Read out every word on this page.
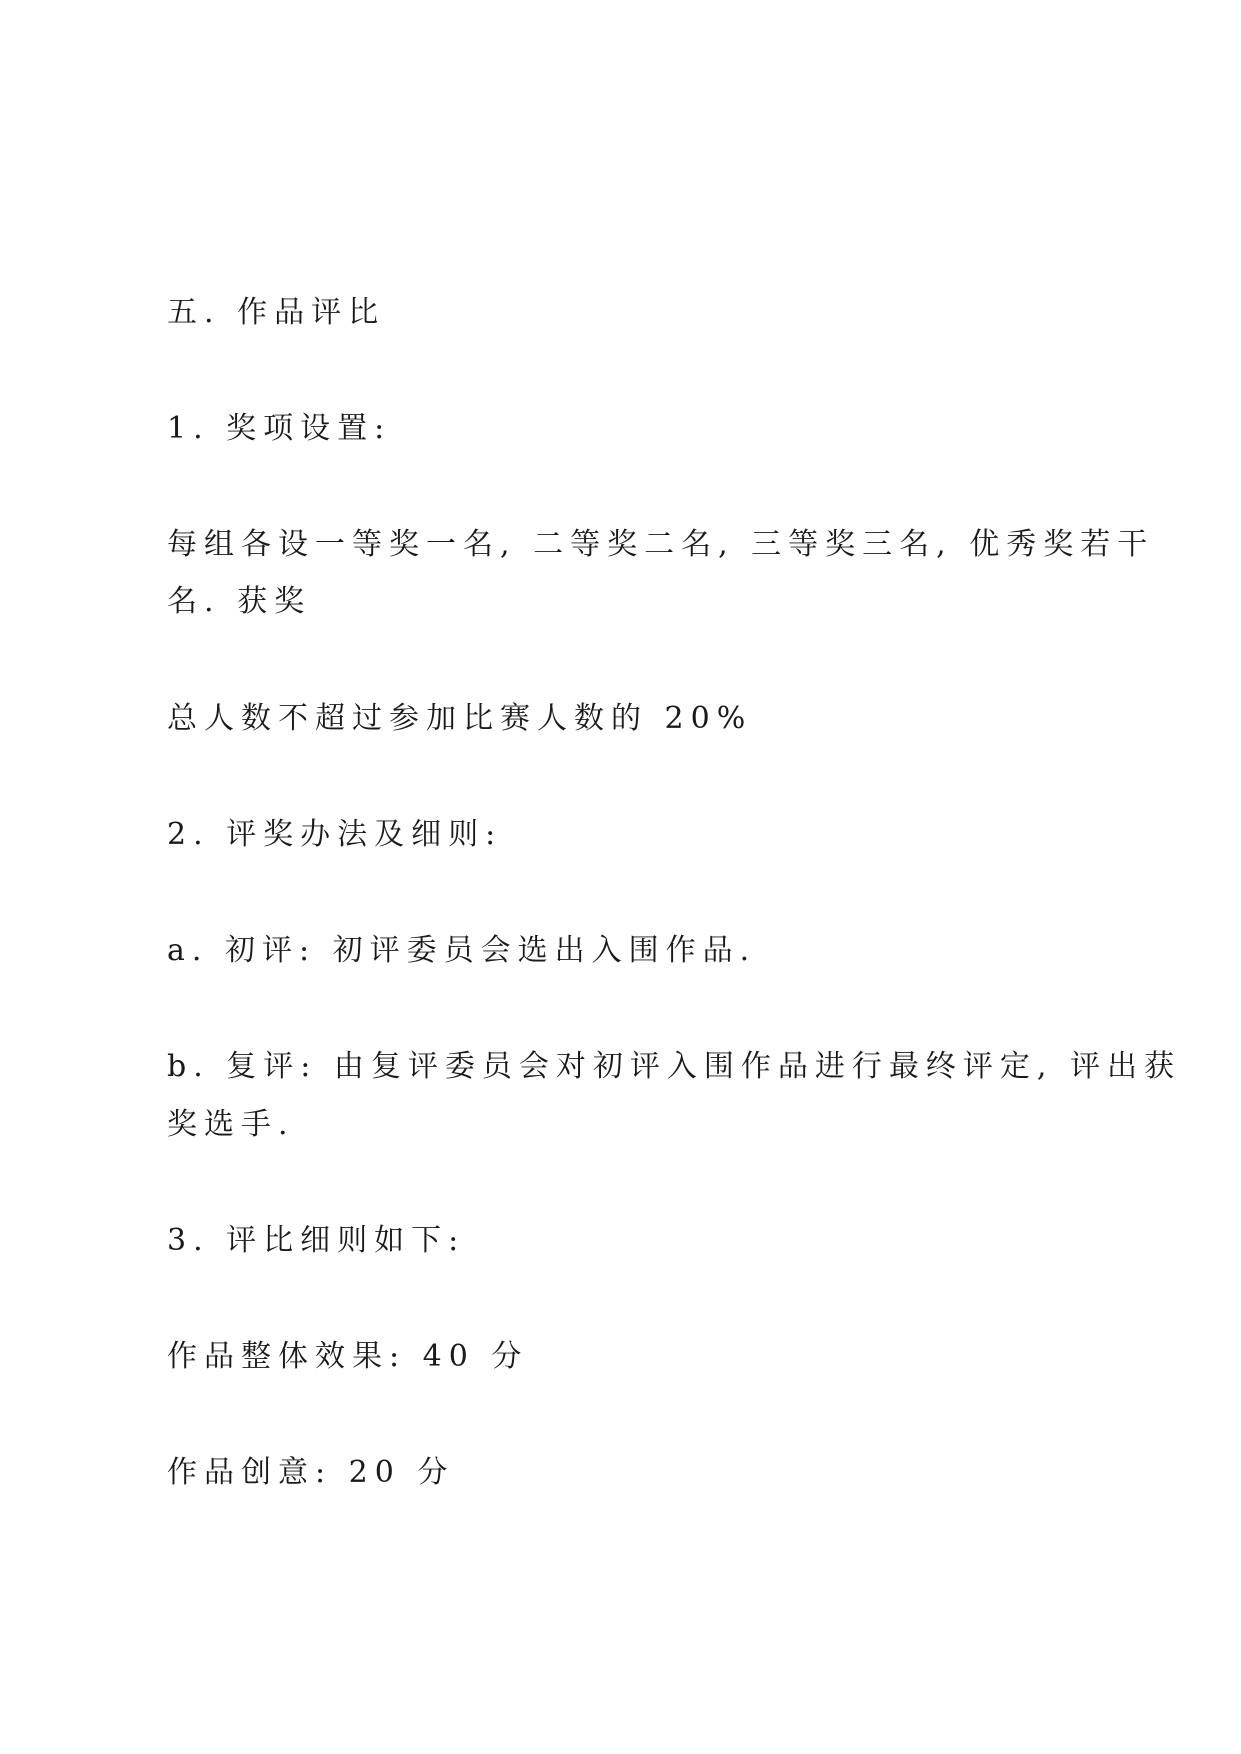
五. 作品评比

1. 奖项设置:

每组各设一等奖一名, 二等奖二名, 三等奖三名, 优秀奖若干

名. 获奖

总人数不超过参加比赛人数的 20%

2. 评奖办法及细则:

a. 初评: 初评委员会选出入围作品.

b. 复评: 由复评委员会对初评入围作品进行最终评定, 评出获

奖选手.

3. 评比细则如下:

作品整体效果: 40 分

作品创意: 20 分
